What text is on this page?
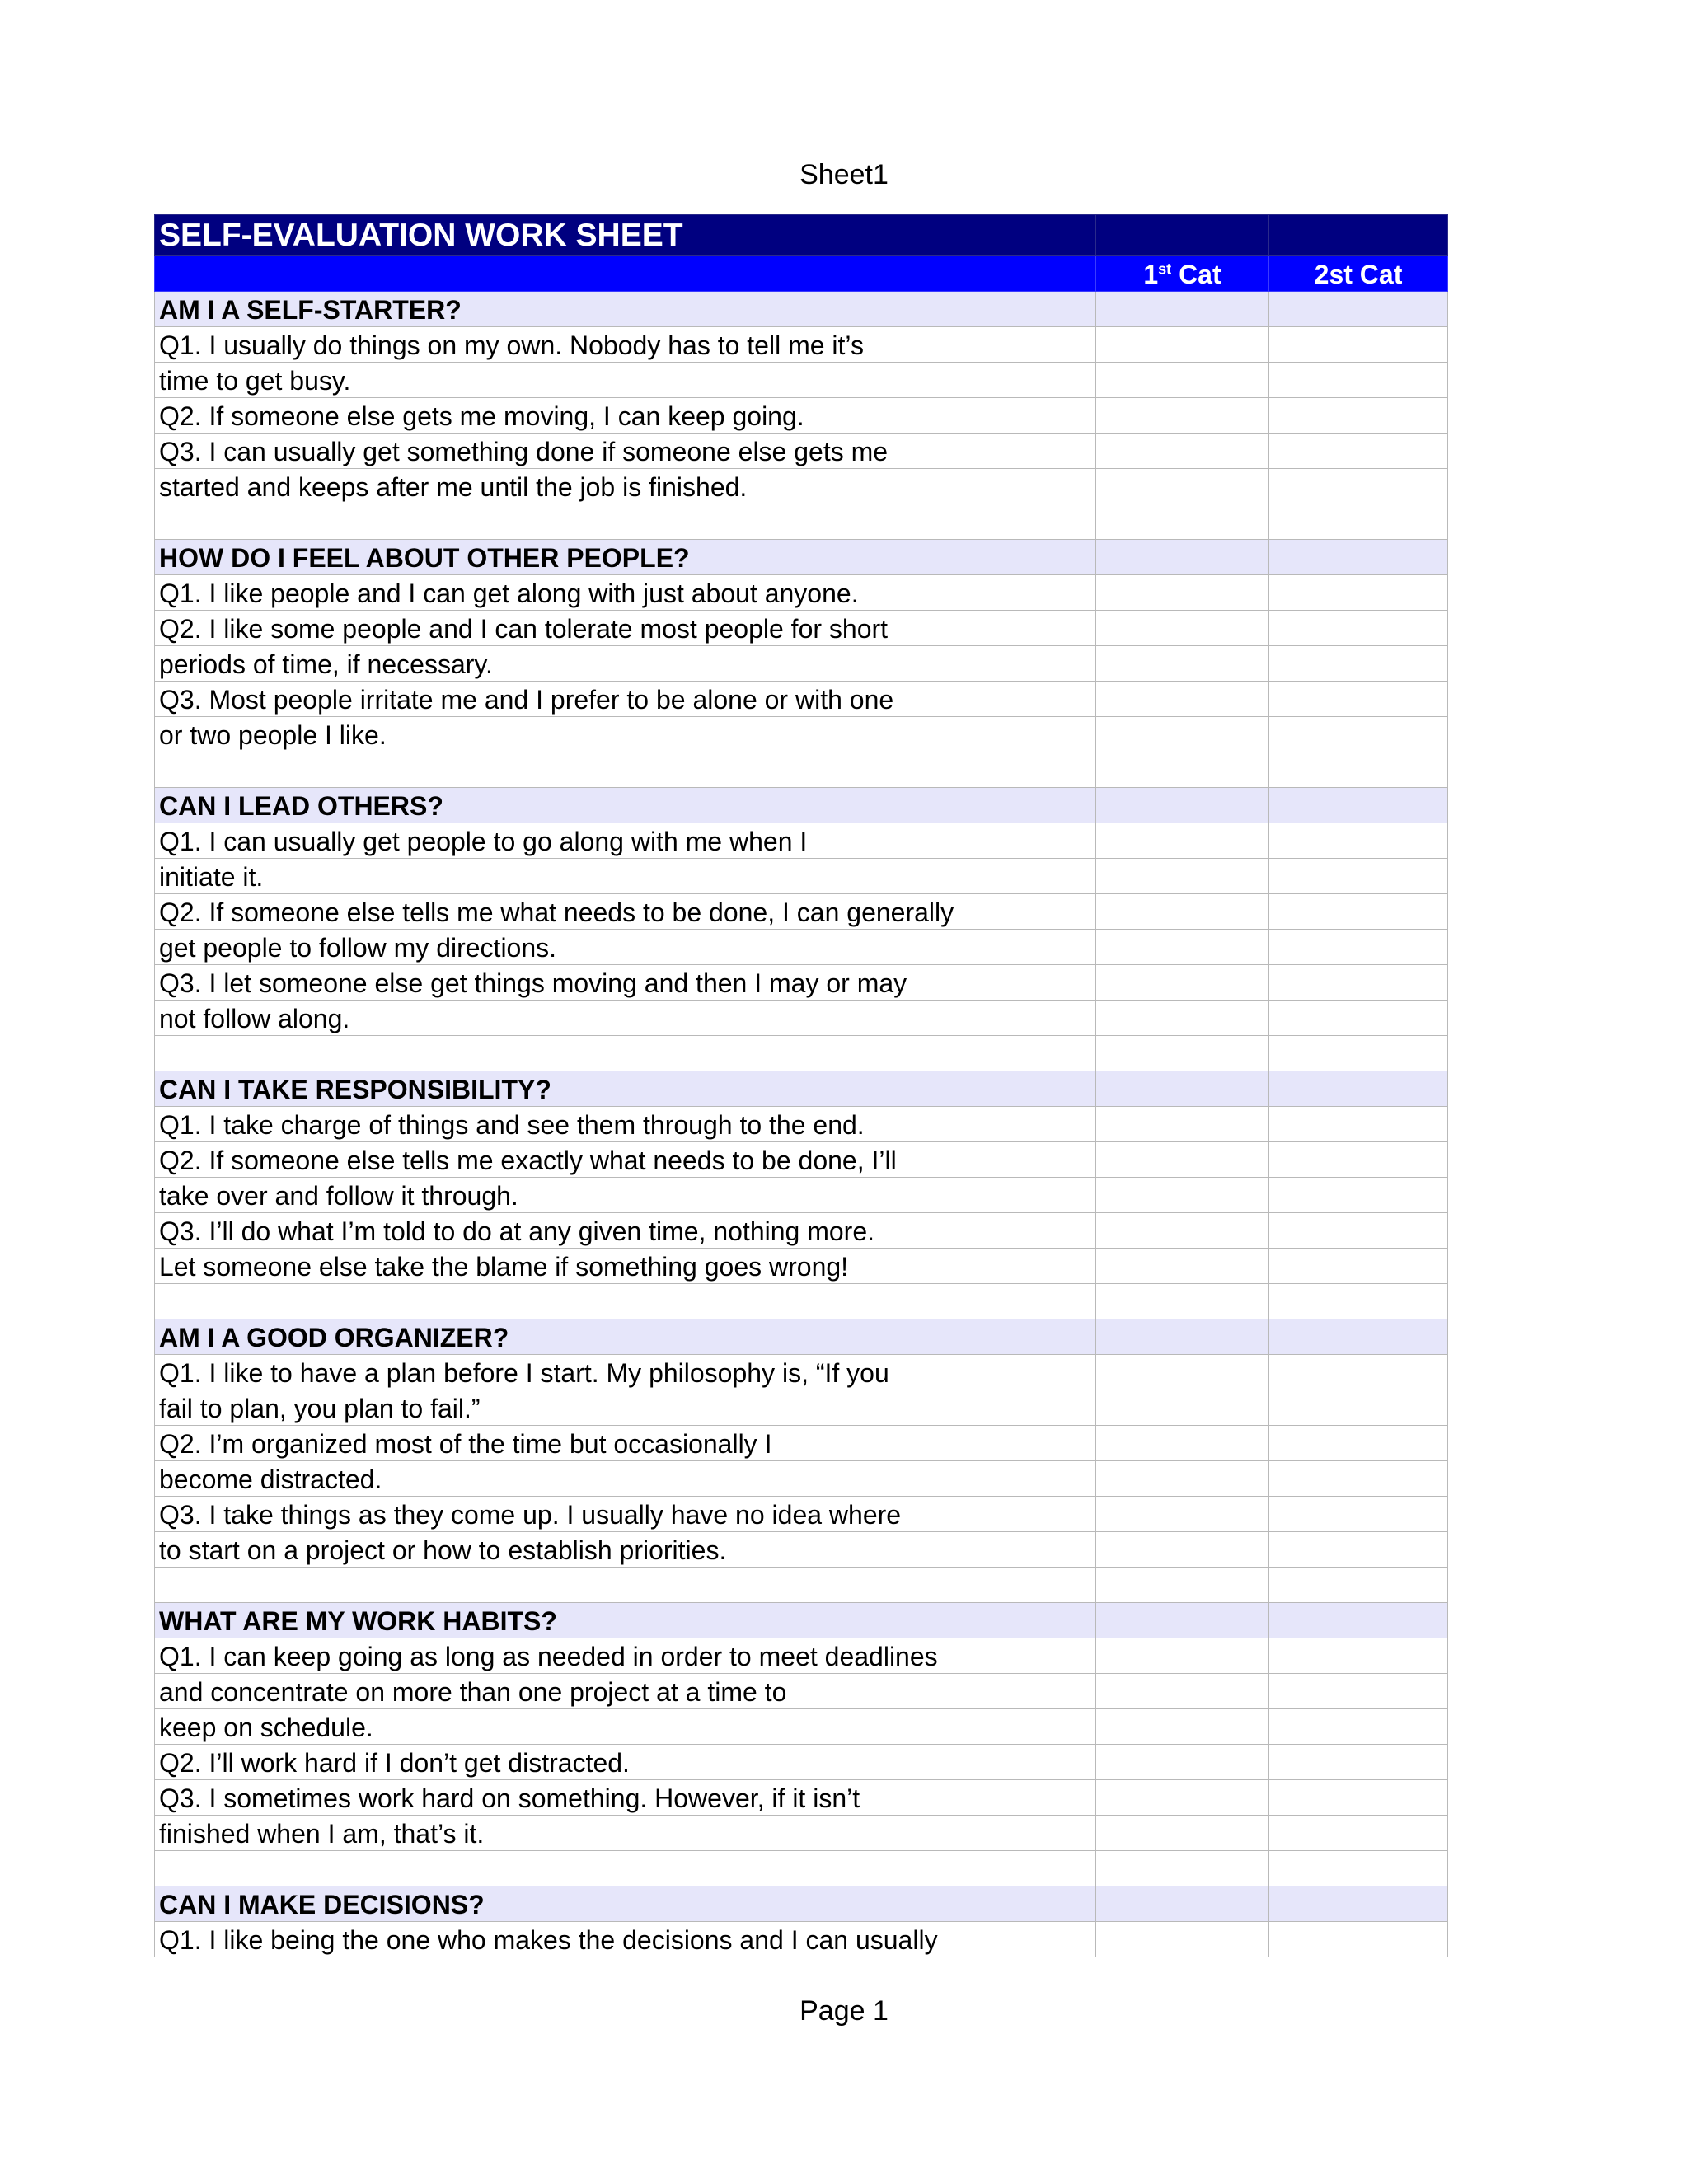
Sheet1
SELF-EVALUATION WORK SHEET		
	1st Cat	2st Cat
AM I A SELF-STARTER?		
Q1. I usually do things on my own. Nobody has to tell me it’s		
time to get busy.		
Q2. If someone else gets me moving, I can keep going.		
Q3. I can usually get something done if someone else gets me		
started and keeps after me until the job is finished.		

HOW DO I FEEL ABOUT OTHER PEOPLE?		
Q1. I like people and I can get along with just about anyone.		
Q2. I like some people and I can tolerate most people for short		
periods of time, if necessary.		
Q3. Most people irritate me and I prefer to be alone or with one		
or two people I like.		

CAN I LEAD OTHERS?		
Q1. I can usually get people to go along with me when I		
initiate it.		
Q2. If someone else tells me what needs to be done, I can generally		
get people to follow my directions.		
Q3. I let someone else get things moving and then I may or may		
not follow along.		

CAN I TAKE RESPONSIBILITY?		
Q1. I take charge of things and see them through to the end.		
Q2. If someone else tells me exactly what needs to be done, I’ll		
take over and follow it through.		
Q3. I’ll do what I’m told to do at any given time, nothing more.		
Let someone else take the blame if something goes wrong!		

AM I A GOOD ORGANIZER?		
Q1. I like to have a plan before I start. My philosophy is, “If you		
fail to plan, you plan to fail.”		
Q2. I’m organized most of the time but occasionally I		
become distracted.		
Q3. I take things as they come up. I usually have no idea where		
to start on a project or how to establish priorities.		

WHAT ARE MY WORK HABITS?		
Q1. I can keep going as long as needed in order to meet deadlines		
and concentrate on more than one project at a time to		
keep on schedule.		
Q2. I’ll work hard if I don’t get distracted.		
Q3. I sometimes work hard on something. However, if it isn’t		
finished when I am, that’s it.		

CAN I MAKE DECISIONS?		
Q1. I like being the one who makes the decisions and I can usually		
Page 1
